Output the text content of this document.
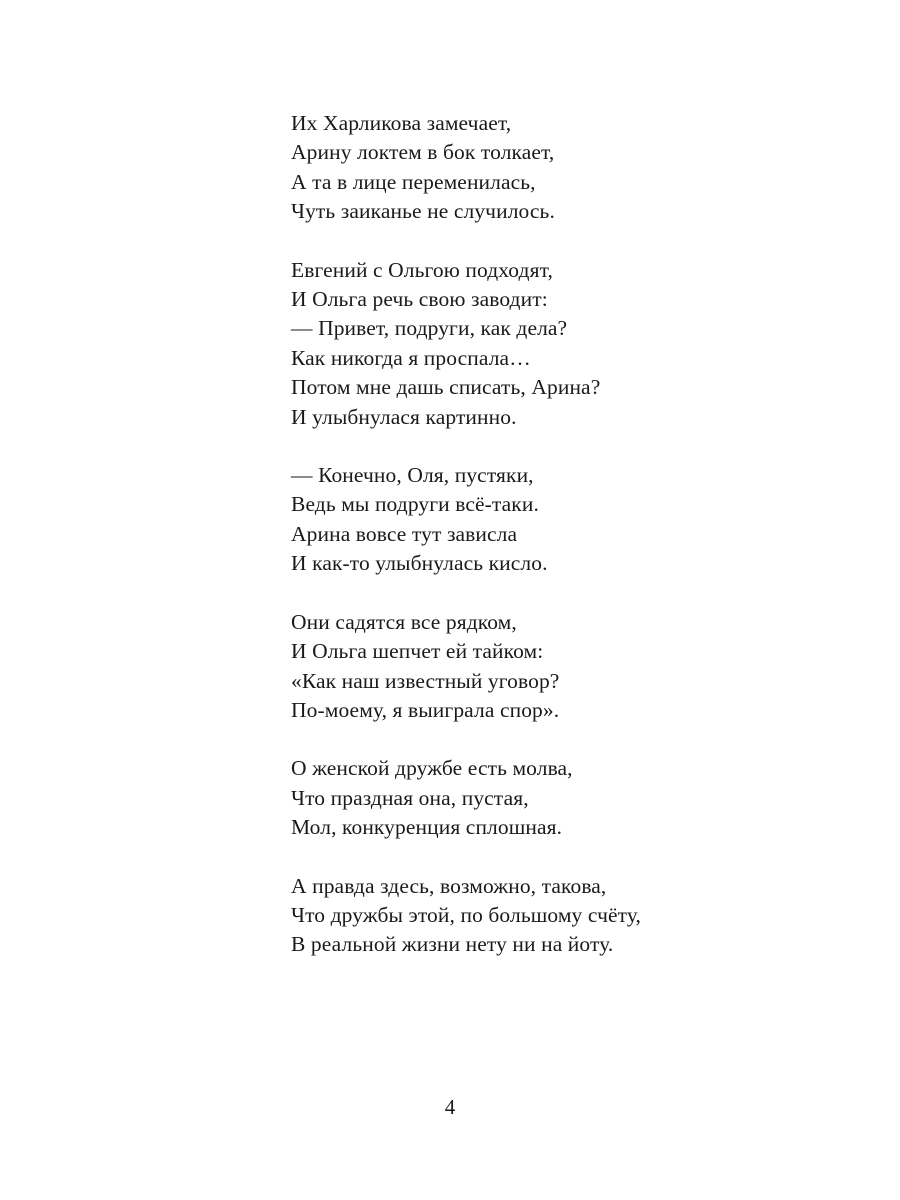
Их Харликова замечает,
Арину локтем в бок толкает,
А та в лице переменилась,
Чуть заиканье не случилось.
Евгений с Ольгою подходят,
И Ольга речь свою заводит:
— Привет, подруги, как дела?
Как никогда я проспала…
Потом мне дашь списать, Арина?
И улыбнулася картинно.
— Конечно, Оля, пустяки,
Ведь мы подруги всё-таки.
Арина вовсе тут зависла
И как-то улыбнулась кисло.
Они садятся все рядком,
И Ольга шепчет ей тайком:
«Как наш известный уговор?
По-моему, я выиграла спор».
О женской дружбе есть молва,
Что праздная она, пустая,
Мол, конкуренция сплошная.
А правда здесь, возможно, такова,
Что дружбы этой, по большому счёту,
В реальной жизни нету ни на йоту.
4
